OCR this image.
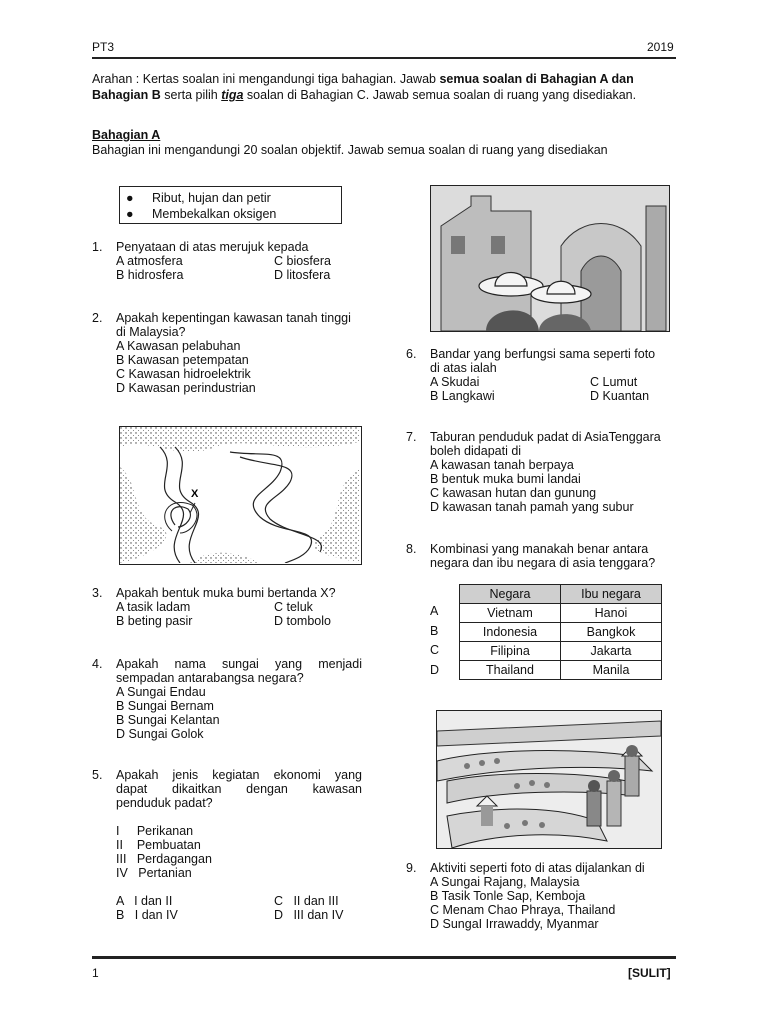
PT3	2019
Arahan : Kertas soalan ini mengandungi tiga bahagian. Jawab semua soalan di Bahagian A dan
Bahagian B serta pilih tiga soalan di Bahagian C. Jawab semua soalan di ruang yang disediakan.
Bahagian A
Bahagian ini mengandungi 20 soalan objektif. Jawab semua soalan di ruang yang disediakan
●	Ribut, hujan dan petir
●	Membekalkan oksigen
1. Penyataan di atas merujuk kepada
A atmosfera	C biosfera
B hidrosfera	D litosfera
2. Apakah kepentingan kawasan tanah tinggi
di Malaysia?
A Kawasan pelabuhan
B Kawasan petempatan
C Kawasan hidroelektrik
D Kawasan perindustrian
X
3. Apakah bentuk muka bumi bertanda X?
A tasik ladam	C teluk
B beting pasir	D tombolo
4. Apakah nama sungai yang menjadi
sempadan antarabangsa negara?
A Sungai Endau
B Sungai Bernam
B Sungai Kelantan
D Sungai Golok
5. Apakah jenis kegiatan ekonomi yang
dapat dikaitkan dengan kawasan
penduduk padat?
I     Perikanan
II    Pembuatan
III   Perdagangan
IV   Pertanian
A   I dan II	C   II dan III
B   I dan IV	D   III dan IV
6. Bandar yang berfungsi sama seperti foto
di atas ialah
A Skudai	C Lumut
B Langkawi	D Kuantan
7. Taburan penduduk padat di AsiaTenggara
boleh didapati di
A kawasan tanah berpaya
B bentuk muka bumi landai
C kawasan hutan dan gunung
D kawasan tanah pamah yang subur
8. Kombinasi yang manakah benar antara
negara dan ibu negara di asia tenggara?
A
B
C
D
Negara	Ibu negara
Vietnam	Hanoi
Indonesia	Bangkok
Filipina	Jakarta
Thailand	Manila
9. Aktiviti seperti foto di atas dijalankan di
A Sungai Rajang, Malaysia
B Tasik Tonle Sap, Kemboja
C Menam Chao Phraya, Thailand
D SungaI Irrawaddy, Myanmar
1	[SULIT]
